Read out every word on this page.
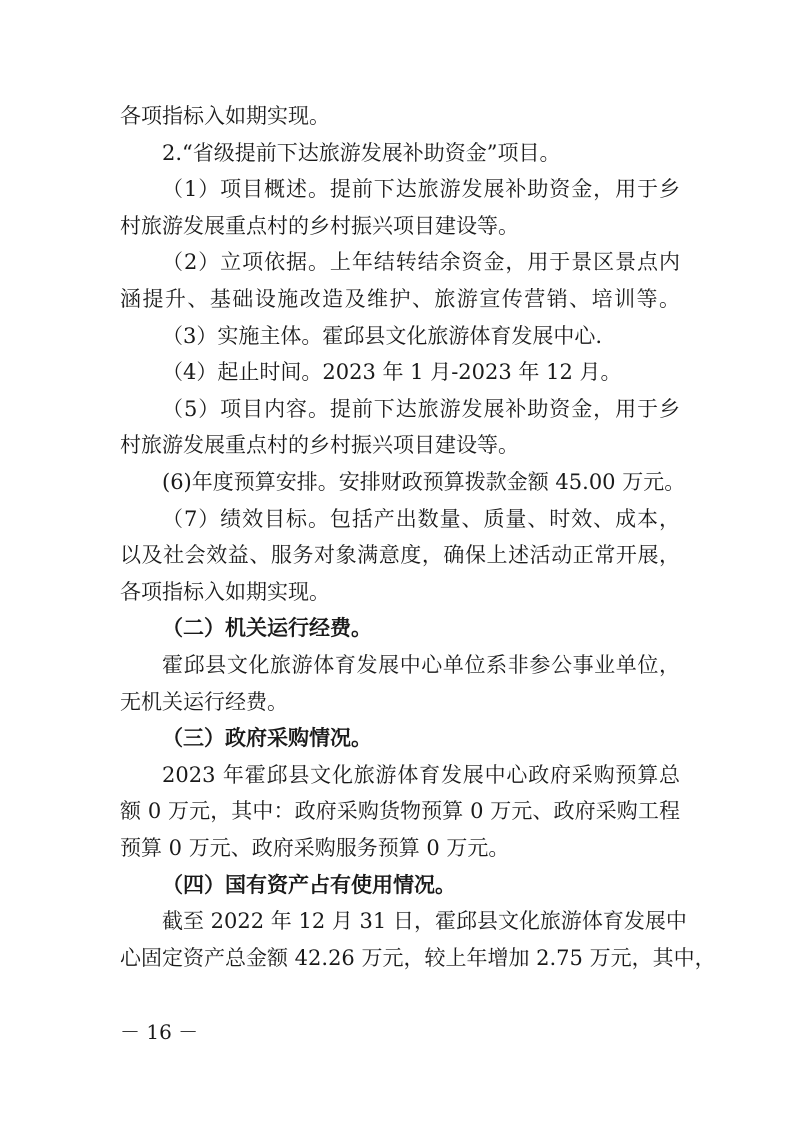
各项指标入如期实现。
2.“省级提前下达旅游发展补助资金”项目。
（1）项目概述。提前下达旅游发展补助资金，用于乡
村旅游发展重点村的乡村振兴项目建设等。
（2）立项依据。上年结转结余资金，用于景区景点内
涵提升、基础设施改造及维护、旅游宣传营销、培训等。
（3）实施主体。霍邱县文化旅游体育发展中心.
（4）起止时间。2023 年 1 月-2023 年 12 月。
（5）项目内容。提前下达旅游发展补助资金，用于乡
村旅游发展重点村的乡村振兴项目建设等。
(6)年度预算安排。安排财政预算拨款金额 45.00 万元。
（7）绩效目标。包括产出数量、质量、时效、成本，
以及社会效益、服务对象满意度，确保上述活动正常开展，
各项指标入如期实现。
（二）机关运行经费。
霍邱县文化旅游体育发展中心单位系非参公事业单位，
无机关运行经费。
（三）政府采购情况。
2023 年霍邱县文化旅游体育发展中心政府采购预算总
额 0 万元，其中：政府采购货物预算 0 万元、政府采购工程
预算 0 万元、政府采购服务预算 0 万元。
（四）国有资产占有使用情况。
截至 2022 年 12 月 31 日，霍邱县文化旅游体育发展中
心固定资产总金额 42.26 万元，较上年增加 2.75 万元，其中，
－ 16 －
